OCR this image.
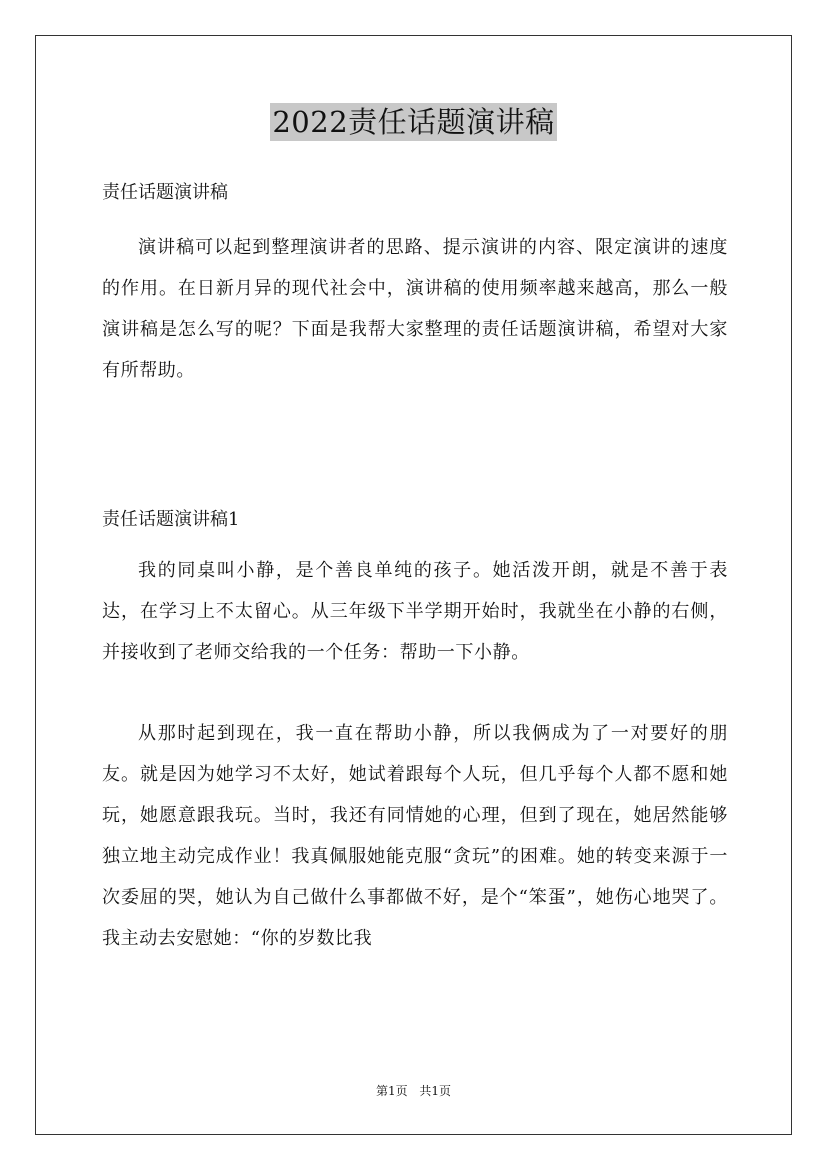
2022责任话题演讲稿
责任话题演讲稿

演讲稿可以起到整理演讲者的思路、提示演讲的内容、限定演讲的速度的作用。在日新月异的现代社会中，演讲稿的使用频率越来越高，那么一般演讲稿是怎么写的呢？下面是我帮大家整理的责任话题演讲稿，希望对大家有所帮助。

责任话题演讲稿1

我的同桌叫小静，是个善良单纯的孩子。她活泼开朗，就是不善于表达，在学习上不太留心。从三年级下半学期开始时，我就坐在小静的右侧，并接收到了老师交给我的一个任务：帮助一下小静。

从那时起到现在，我一直在帮助小静，所以我俩成为了一对要好的朋友。就是因为她学习不太好，她试着跟每个人玩，但几乎每个人都不愿和她玩，她愿意跟我玩。当时，我还有同情她的心理，但到了现在，她居然能够独立地主动完成作业！我真佩服她能克服“贪玩”的困难。她的转变来源于一次委屈的哭，她认为自己做什么事都做不好，是个“笨蛋”，她伤心地哭了。我主动去安慰她：“你的岁数比我

第1页 共1页
